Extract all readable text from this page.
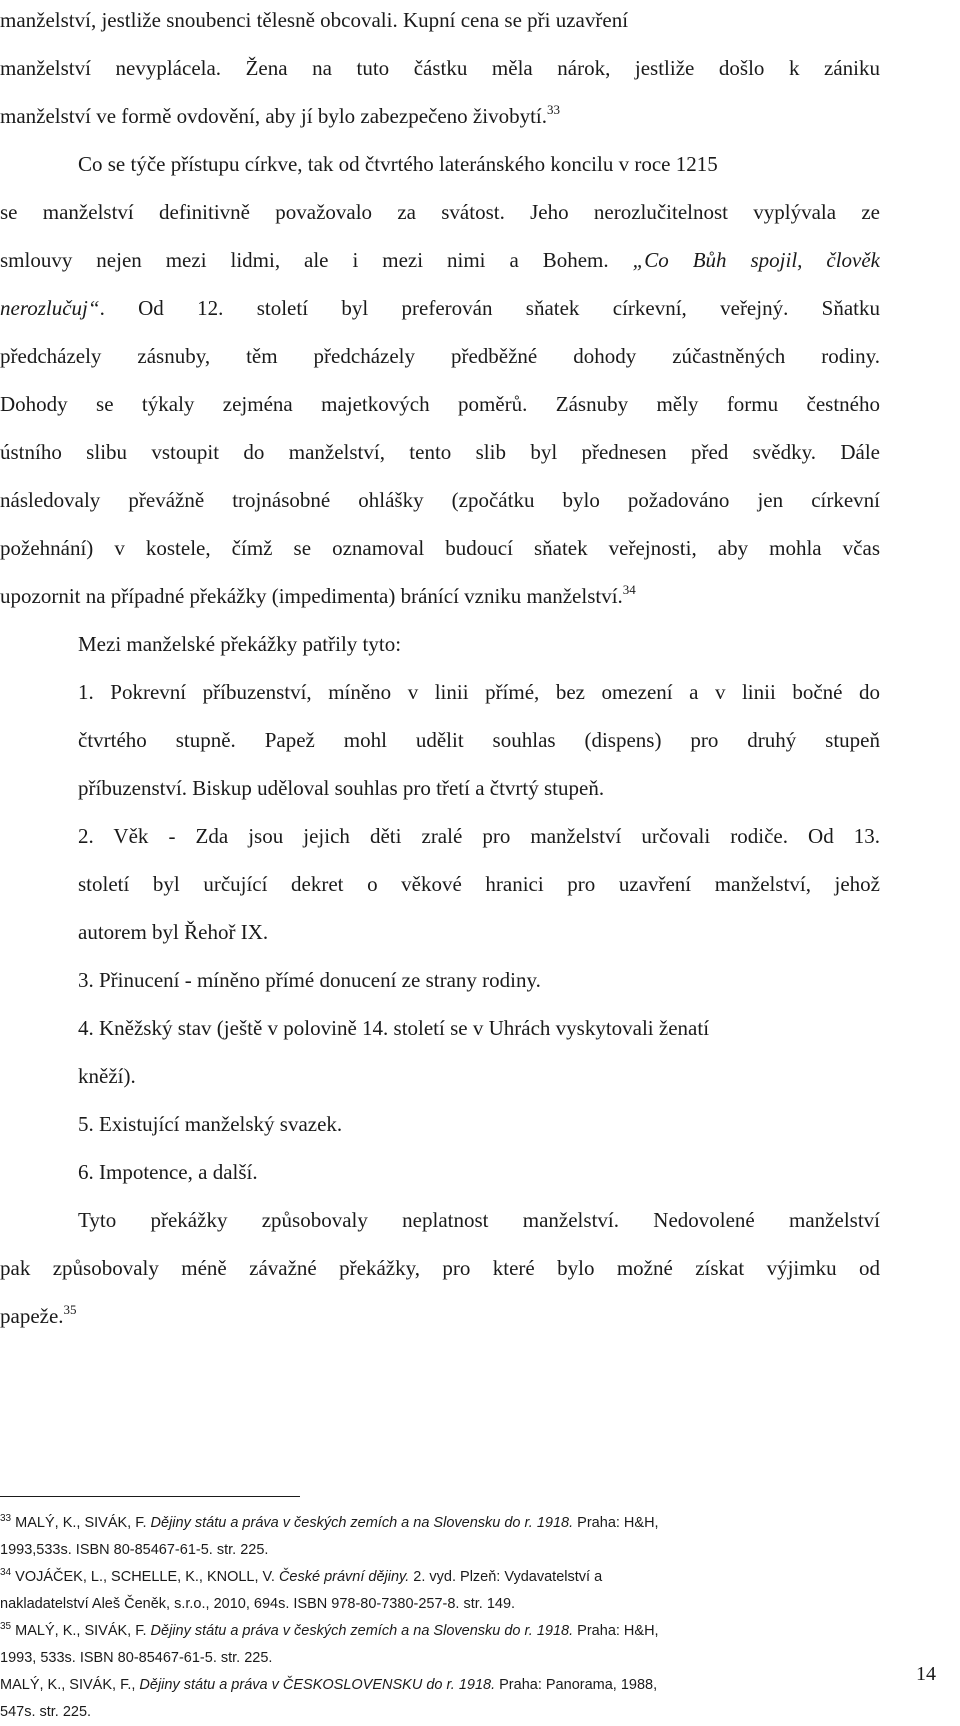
manželství, jestliže snoubenci tělesně obcovali. Kupní cena se při uzavření
manželství nevyplácela. Žena na tuto částku měla nárok, jestliže došlo k zániku
manželství ve formě ovdovění, aby jí bylo zabezpečeno živobytí.$^{33}$
Co se týče přístupu církve, tak od čtvrtého lateránského koncilu v roce 1215
se manželství definitivně považovalo za svátost. Jeho nerozlučitelnost vyplývala ze
smlouvy nejen mezi lidmi, ale i mezi nimi a Bohem. „Co Bůh spojil, člověk
nerozlučuj“. Od 12. století byl preferován sňatek církevní, veřejný. Sňatku
předcházely zásnuby, těm předcházely předběžné dohody zúčastněných rodiny.
Dohody se týkaly zejména majetkových poměrů. Zásnuby měly formu čestného
ústního slibu vstoupit do manželství, tento slib byl přednesen před svědky. Dále
následovaly převážně trojnásobné ohlášky (zpočátku bylo požadováno jen církevní
požehnání) v kostele, čímž se oznamoval budoucí sňatek veřejnosti, aby mohla včas
upozornit na případné překážky (impedimenta) bránící vzniku manželství.$^{34}$
Mezi manželské překážky patřily tyto:
1. Pokrevní příbuzenství, míněno v linii přímé, bez omezení a v linii bočné do
čtvrtého stupně. Papež mohl udělit souhlas (dispens) pro druhý stupeň
příbuzenství. Biskup uděloval souhlas pro třetí a čtvrtý stupeň.
2. Věk - Zda jsou jejich děti zralé pro manželství určovali rodiče. Od 13.
století byl určující dekret o věkové hranici pro uzavření manželství, jehož
autorem byl Řehoř IX.
3. Přinucení - míněno přímé donucení ze strany rodiny.
4. Kněžský stav (ještě v polovině 14. století se v Uhrách vyskytovali ženatí
kněží).
5. Existující manželský svazek.
6. Impotence, a další.
Tyto překážky způsobovaly neplatnost manželství. Nedovolené manželství
pak způsobovaly méně závažné překážky, pro které bylo možné získat výjimku od
papeže.$^{35}$
$^{33}$ MALÝ, K., SIVÁK, F. Dějiny státu a práva v českých zemích a na Slovensku do r. 1918. Praha: H&H,
1993,533s. ISBN 80-85467-61-5. str. 225.
$^{34}$ VOJÁČEK, L., SCHELLE, K., KNOLL, V. České právní dějiny. 2. vyd. Plzeň: Vydavatelství a
nakladatelství Aleš Čeněk, s.r.o., 2010, 694s. ISBN 978-80-7380-257-8. str. 149.
$^{35}$ MALÝ, K., SIVÁK, F. Dějiny státu a práva v českých zemích a na Slovensku do r. 1918. Praha: H&H,
1993, 533s. ISBN 80-85467-61-5. str. 225.
MALÝ, K., SIVÁK, F., Dějiny státu a práva v ČESKOSLOVENSKU do r. 1918. Praha: Panorama, 1988,
547s. str. 225.
14
